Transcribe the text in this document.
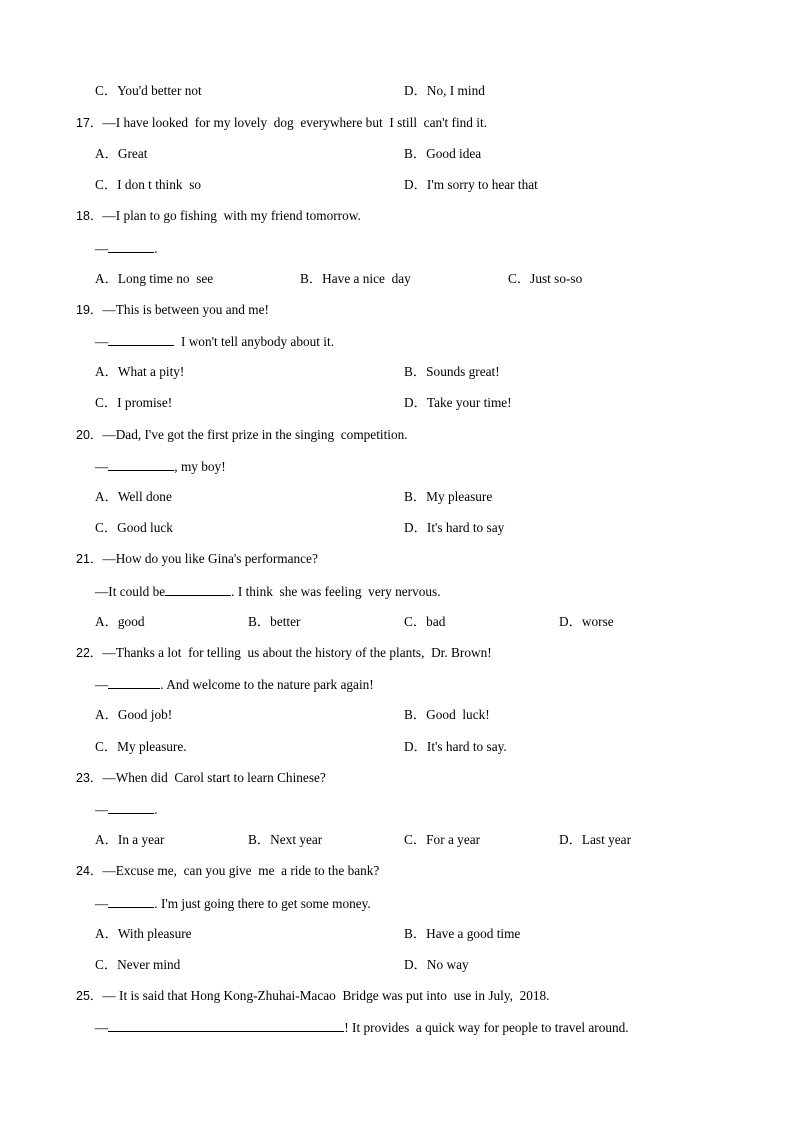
C．You'd better not	D．No, I mind
17．—I have looked  for my lovely  dog  everywhere but  I still  can't find it.
A．Great	B．Good idea
C．I don t think  so	D．I'm sorry to hear that
18．—I plan to go fishing  with my friend tomorrow.
—	.
A．Long time no  see	B．Have a nice  day	C．Just so-so
19．—This is between you and me!
—	I won't tell anybody about it.
A．What a pity!	B．Sounds great!
C．I promise!	D．Take your time!
20．—Dad, I've got the first prize in the singing  competition.
—	, my boy!
A．Well done	B．My pleasure
C．Good luck	D．It's hard to say
21．—How do you like Gina's performance?
—It could be	. I think  she was feeling  very nervous.
A．good	B．better	C．bad	D．worse
22．—Thanks a lot  for telling  us about the history of the plants,  Dr. Brown!
—	. And welcome to the nature park again!
A．Good job!	B．Good  luck!
C．My pleasure.	D．It's hard to say.
23．—When did  Carol start to learn Chinese?
—	.
A．In a year	B．Next year	C．For a year	D．Last year
24．—Excuse me,  can you give  me  a ride to the bank?
—	. I'm just going there to get some money.
A．With pleasure	B．Have a good time
C．Never mind	D．No way
25．— It is said that Hong Kong-Zhuhai-Macao  Bridge was put into  use in July,  2018.
—	! It provides  a quick way for people to travel around.
